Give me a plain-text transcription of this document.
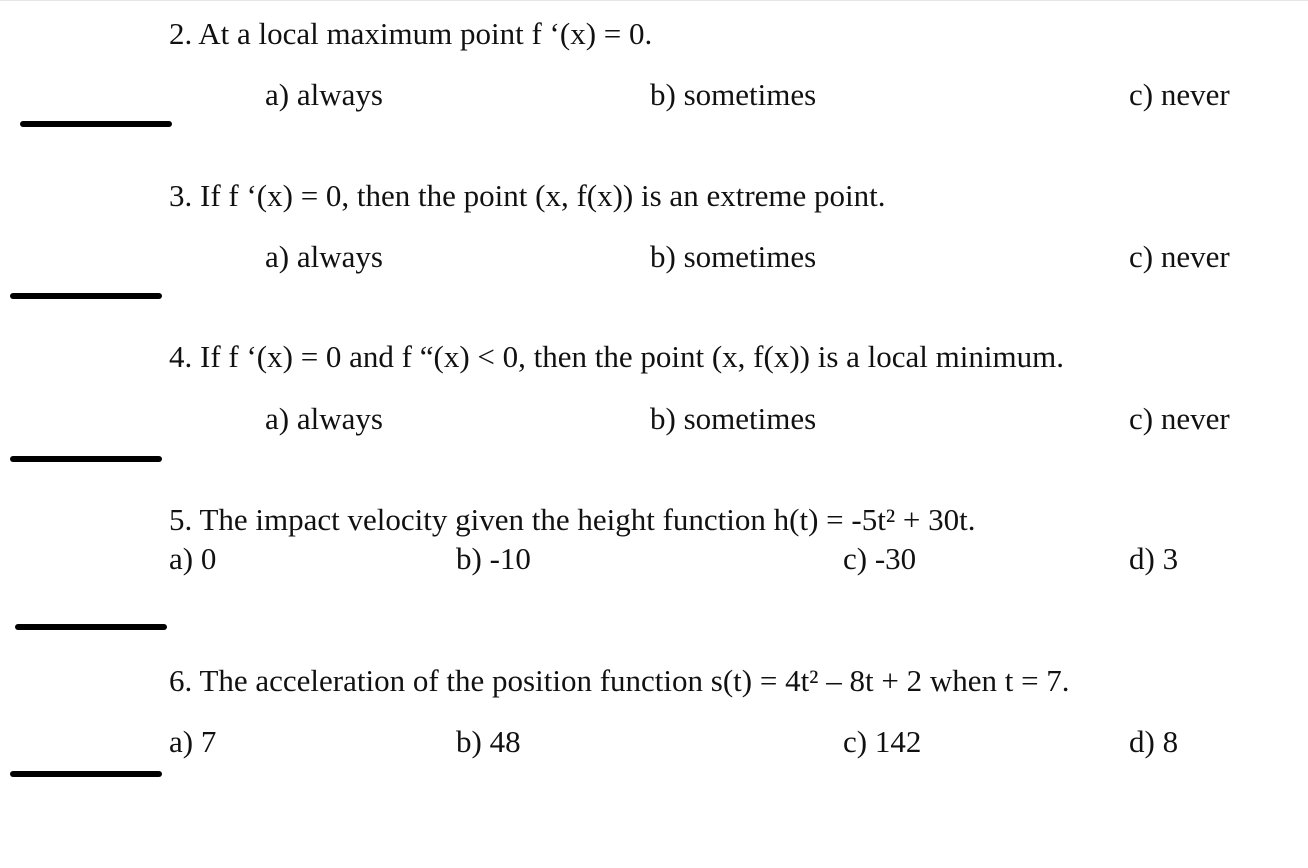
2. At a local maximum point f ‘(x) = 0.
a) always	b) sometimes	c) never
3. If f ‘(x) = 0, then the point (x, f(x)) is an extreme point.
a) always	b) sometimes	c) never
4. If f ‘(x) = 0 and f “(x) < 0, then the point (x, f(x)) is a local minimum.
a) always	b) sometimes	c) never
5. The impact velocity given the height function h(t) = -5t² + 30t.
a) 0	b) -10	c) -30	d) 3
6. The acceleration of the position function s(t) = 4t² – 8t + 2 when t = 7.
a) 7	b) 48	c) 142	d) 8
